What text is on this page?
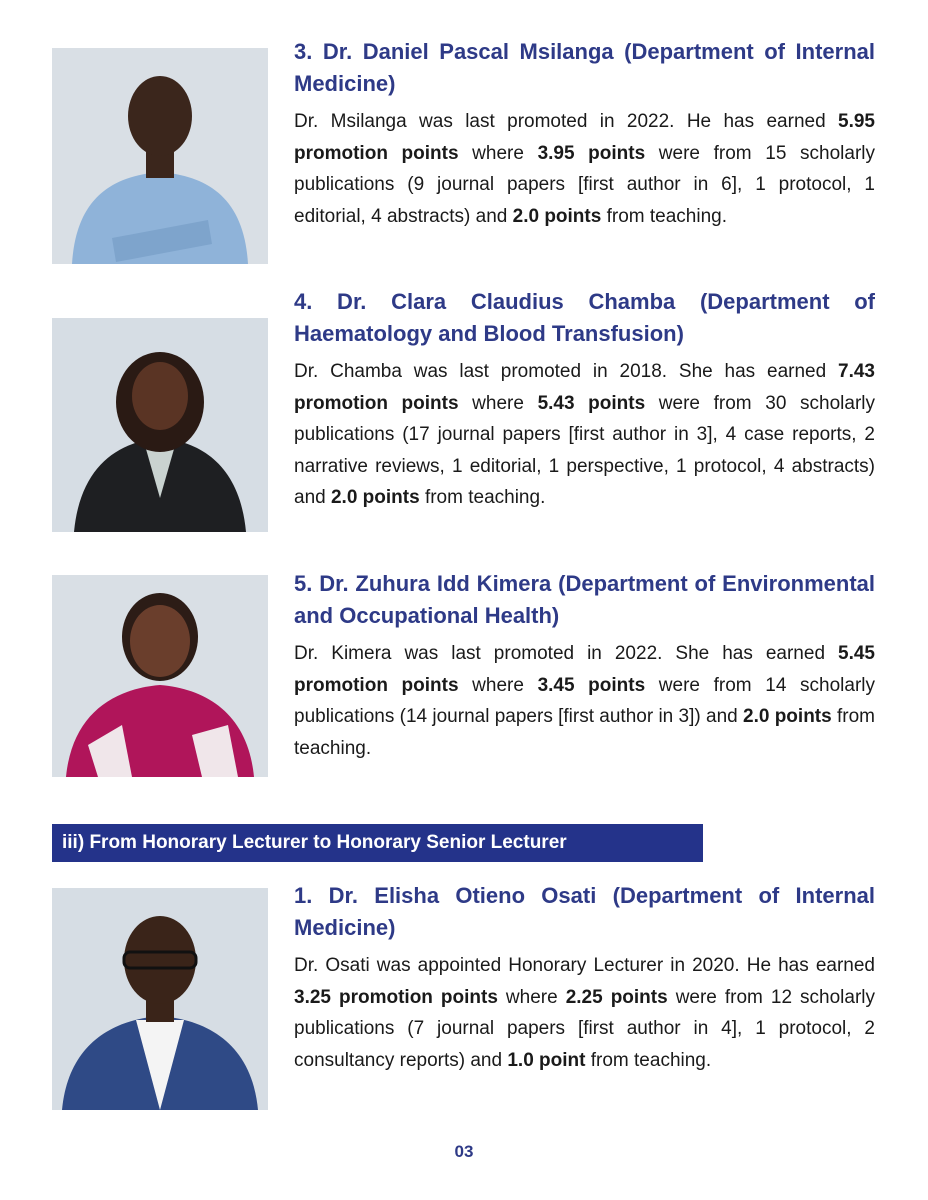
3. Dr. Daniel Pascal Msilanga (Department of Internal Medicine)

Dr. Msilanga was last promoted in 2022. He has earned 5.95 promotion points where 3.95 points were from 15 scholarly publications (9 journal papers [first author in 6], 1 protocol, 1 editorial, 4 abstracts) and 2.0 points from teaching.

4. Dr. Clara Claudius Chamba (Department of Haematology and Blood Transfusion)

Dr. Chamba was last promoted in 2018. She has earned 7.43 promotion points where 5.43 points were from 30 scholarly publications (17 journal papers [first author in 3], 4 case reports, 2 narrative reviews, 1 editorial, 1 perspective, 1 protocol, 4 abstracts) and 2.0 points from teaching.

5. Dr. Zuhura Idd Kimera (Department of Environmental and Occupational Health)

Dr. Kimera was last promoted in 2022. She has earned 5.45 promotion points where 3.45 points were from 14 scholarly publications (14 journal papers [first author in 3]) and 2.0 points from teaching.

iii) From Honorary Lecturer to Honorary Senior Lecturer

1. Dr. Elisha Otieno Osati (Department of Internal Medicine)

Dr. Osati was appointed Honorary Lecturer in 2020. He has earned 3.25 promotion points where 2.25 points were from 12 scholarly publications (7 journal papers [first author in 4], 1 protocol, 2 consultancy reports) and 1.0 point from teaching.

03
